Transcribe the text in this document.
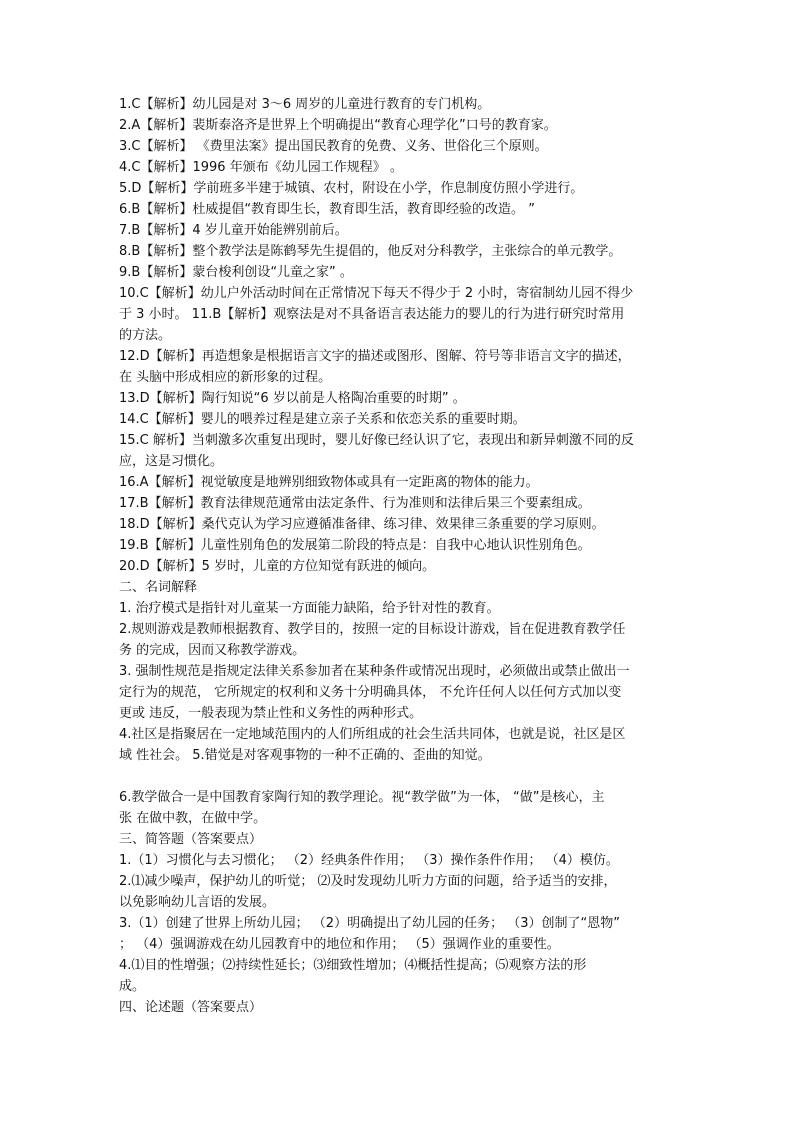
1.C【解析】幼儿园是对 3～6 周岁的儿童进行教育的专门机构。

2.A【解析】裴斯泰洛齐是世界上个明确提出“教育心理学化”口号的教育家。

3.C【解析】 《费里法案》提出国民教育的免费、义务、世俗化三个原则。

4.C【解析】1996 年颁布《幼儿园工作规程》 。

5.D【解析】学前班多半建于城镇、农村，附设在小学，作息制度仿照小学进行。

6.B【解析】杜威提倡“教育即生长，教育即生活，教育即经验的改造。 ”

7.B【解析】4 岁儿童开始能辨别前后。

8.B【解析】整个教学法是陈鹤琴先生提倡的，他反对分科教学，主张综合的单元教学。

9.B【解析】蒙台梭利创设“儿童之家” 。

10.C【解析】幼儿户外活动时间在正常情况下每天不得少于 2 小时，寄宿制幼儿园不得少

于 3 小时。 11.B【解析】观察法是对不具备语言表达能力的婴儿的行为进行研究时常用

的方法。

12.D【解析】再造想象是根据语言文字的描述或图形、图解、符号等非语言文字的描述，

在 头脑中形成相应的新形象的过程。

13.D【解析】陶行知说“6 岁以前是人格陶冶重要的时期” 。

14.C【解析】婴儿的喂养过程是建立亲子关系和依恋关系的重要时期。

15.C 解析】当刺激多次重复出现时，婴儿好像已经认识了它，表现出和新异刺激不同的反

应，这是习惯化。

16.A【解析】视觉敏度是地辨别细致物体或具有一定距离的物体的能力。

17.B【解析】教育法律规范通常由法定条件、行为准则和法律后果三个要素组成。

18.D【解析】桑代克认为学习应遵循准备律、练习律、效果律三条重要的学习原则。

19.B【解析】儿童性别角色的发展第二阶段的特点是：自我中心地认识性别角色。

20.D【解析】5 岁时，儿童的方位知觉有跃进的倾向。

二、名词解释

1. 治疗模式是指针对儿童某一方面能力缺陷，给予针对性的教育。

2.规则游戏是教师根据教育、教学目的，按照一定的目标设计游戏，旨在促进教育教学任

务 的完成，因而又称教学游戏。

3. 强制性规范是指规定法律关系参加者在某种条件或情况出现时，必须做出或禁止做出一

定行为的规范， 它所规定的权利和义务十分明确具体， 不允许任何人以任何方式加以变

更或 违反，一般表现为禁止性和义务性的两种形式。

4.社区是指聚居在一定地域范围内的人们所组成的社会生活共同体，也就是说，社区是区

域 性社会。 5.错觉是对客观事物的一种不正确的、歪曲的知觉。

6.教学做合一是中国教育家陶行知的教学理论。视“教学做”为一体， “做”是核心，主

张 在做中教，在做中学。

三、简答题（答案要点）

1.（1）习惯化与去习惯化； （2）经典条件作用； （3）操作条件作用； （4）模仿。

2.⑴减少噪声，保护幼儿的听觉； ⑵及时发现幼儿听力方面的问题，给予适当的安排，

以免影响幼儿言语的发展。

3.（1）创建了世界上所幼儿园； （2）明确提出了幼儿园的任务； （3）创制了“恩物”

； （4）强调游戏在幼儿园教育中的地位和作用； （5）强调作业的重要性。

4.⑴目的性增强；⑵持续性延长；⑶细致性增加；⑷概括性提高；⑸观察方法的形

成。

四、论述题（答案要点）
